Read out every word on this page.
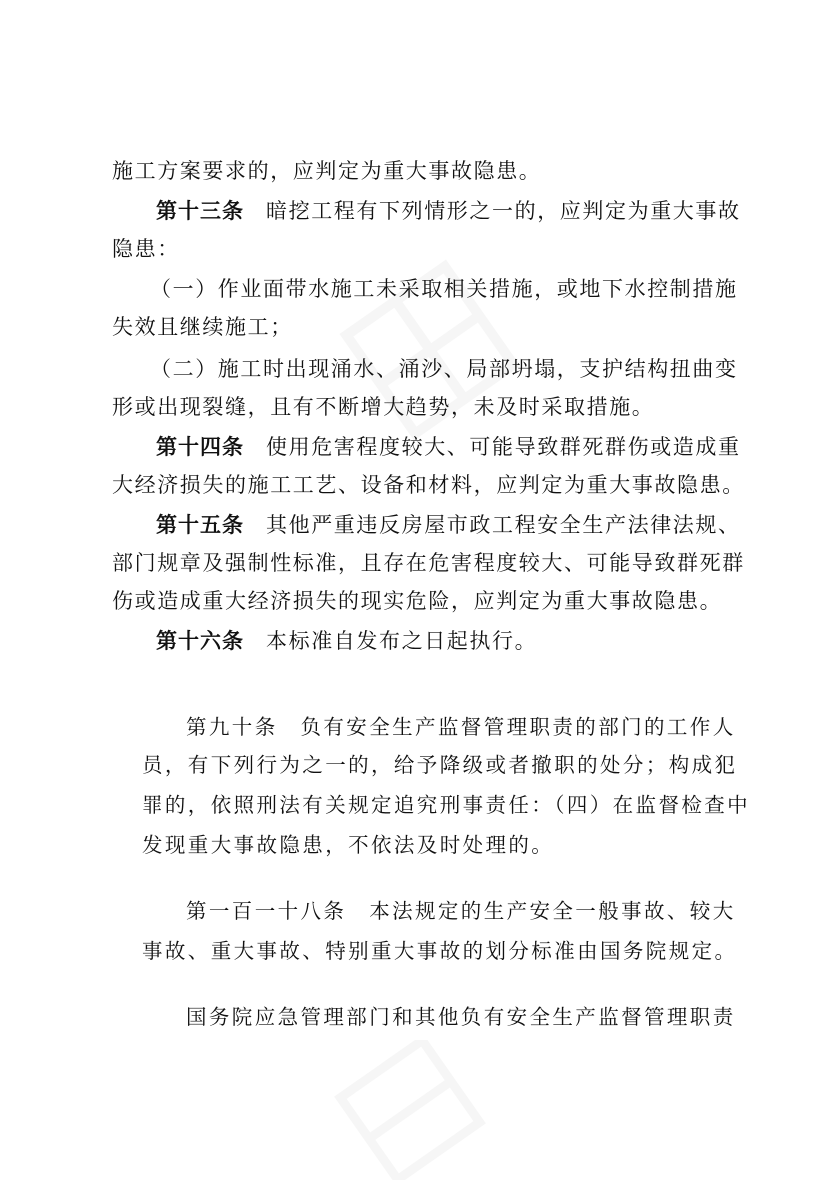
施工方案要求的，应判定为重大事故隐患。
第十三条 暗挖工程有下列情形之一的，应判定为重大事故
隐患：
（一）作业面带水施工未采取相关措施，或地下水控制措施
失效且继续施工；
（二）施工时出现涌水、涌沙、局部坍塌，支护结构扭曲变
形或出现裂缝，且有不断增大趋势，未及时采取措施。
第十四条 使用危害程度较大、可能导致群死群伤或造成重
大经济损失的施工工艺、设备和材料，应判定为重大事故隐患。
第十五条 其他严重违反房屋市政工程安全生产法律法规、
部门规章及强制性标准，且存在危害程度较大、可能导致群死群
伤或造成重大经济损失的现实危险，应判定为重大事故隐患。
第十六条 本标准自发布之日起执行。
第九十条　负有安全生产监督管理职责的部门的工作人
员，有下列行为之一的，给予降级或者撤职的处分；构成犯
罪的，依照刑法有关规定追究刑事责任：（四）在监督检查中
发现重大事故隐患，不依法及时处理的。
第一百一十八条　本法规定的生产安全一般事故、较大
事故、重大事故、特别重大事故的划分标准由国务院规定。
国务院应急管理部门和其他负有安全生产监督管理职责
